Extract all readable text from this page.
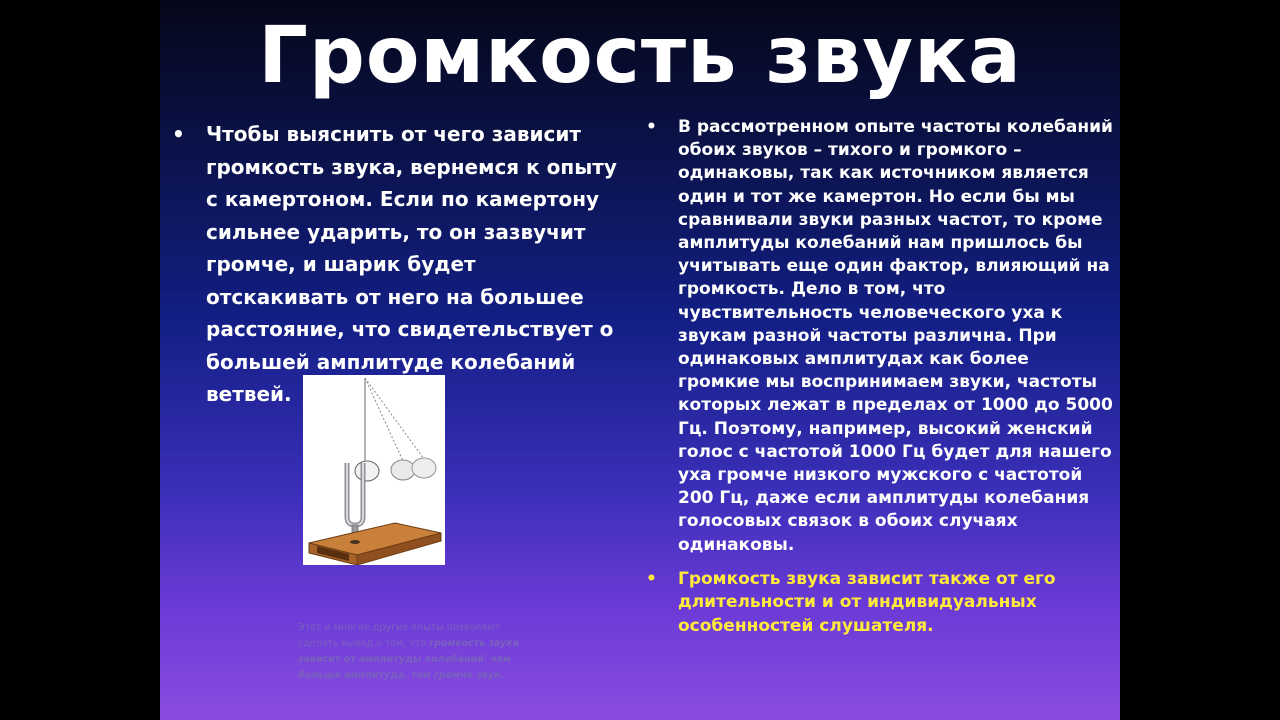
Громкость звука
•	Чтобы выяснить от чего зависит громкость звука, вернемся к опыту с камертоном. Если по камертону сильнее ударить, то он зазвучит громче, и шарик будет отскакивать от него на большее расстояние, что свидетельствует о большей амплитуде колебаний ветвей.
Этот и многие другие опыты позволяют сделать вывод о том, что громкость звука зависит от амплитуды колебаний: чем больше амплитуда, тем громче звук.
•	В рассмотренном опыте частоты колебаний обоих звуков – тихого и громкого – одинаковы, так как источником является один и тот же камертон. Но если бы мы сравнивали звуки разных частот, то кроме амплитуды колебаний нам пришлось бы учитывать еще один фактор, влияющий на громкость. Дело в том, что чувствительность человеческого уха к звукам разной частоты различна. При одинаковых амплитудах как более громкие мы воспринимаем звуки, частоты которых лежат в пределах от 1000 до 5000 Гц. Поэтому, например, высокий женский голос с частотой 1000 Гц будет для нашего уха громче низкого мужского с частотой 200 Гц, даже если амплитуды колебания голосовых связок в обоих случаях одинаковы.
•	Громкость звука зависит также от его длительности и от индивидуальных особенностей слушателя.
